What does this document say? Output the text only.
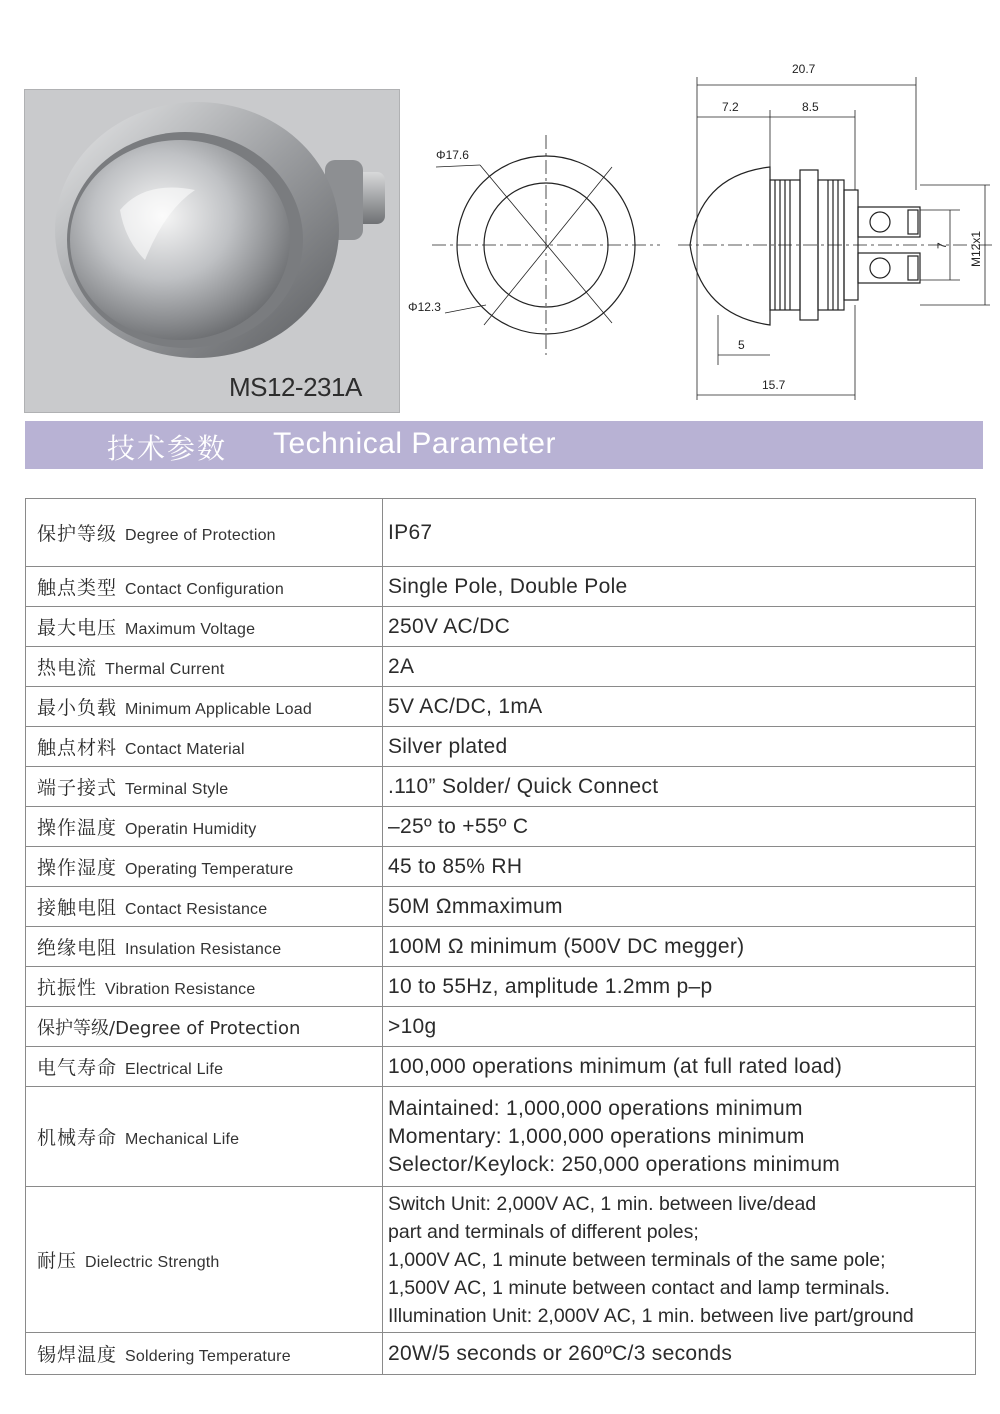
MS12-231A
Φ17.6
Φ12.3
20.7
7.2	8.5
5
15.7
7 M12x1
技术参数 Technical Parameter
保护等级 Degree of Protection	IP67

触点类型 Contact Configuration	Single Pole, Double Pole

最大电压 Maximum Voltage	250V AC/DC

热电流 Thermal Current	2A

最小负载 Minimum Applicable Load	5V AC/DC, 1mA

触点材料 Contact Material	Silver plated

端子接式 Terminal Style	.110” Solder/ Quick Connect

操作温度 Operatin Humidity	–25º to +55º C

操作湿度 Operating Temperature	45 to 85% RH

接触电阻 Contact Resistance	50M Ωmmaximum

绝缘电阻 Insulation Resistance	100M Ω minimum (500V DC megger)

抗振性 Vibration Resistance	10 to 55Hz, amplitude 1.2mm p–p

保护等级/Degree of Protection	>10g

电气寿命 Electrical Life	100,000 operations minimum (at full rated load)

机械寿命 Mechanical Life	Maintained: 1,000,000 operations minimum
Momentary: 1,000,000 operations minimum
Selector/Keylock: 250,000 operations minimum

耐压 Dielectric Strength	Switch Unit: 2,000V AC, 1 min. between live/dead
part and terminals of different poles;
1,000V AC, 1 minute between terminals of the same pole;
1,500V AC, 1 minute between contact and lamp terminals.
Illumination Unit: 2,000V AC, 1 min. between live part/ground

锡焊温度 Soldering Temperature	20W/5 seconds or 260ºC/3 seconds
